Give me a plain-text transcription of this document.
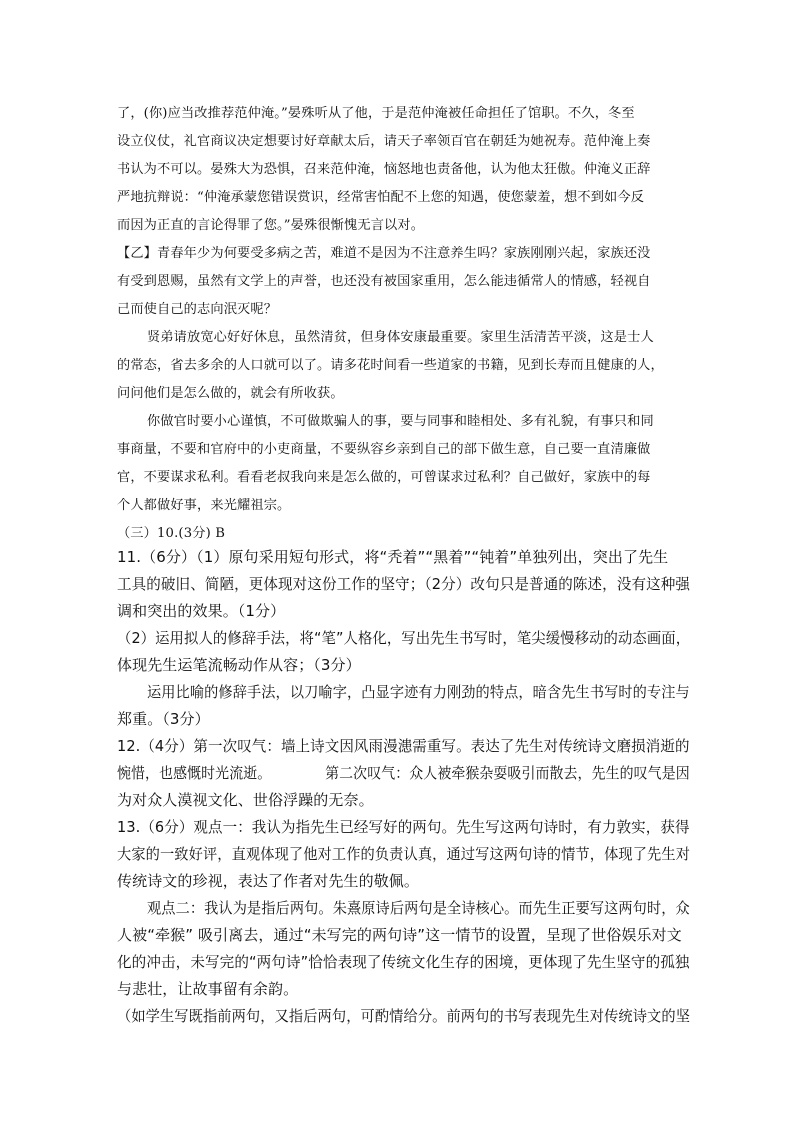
了，(你)应当改推荐范仲淹。”晏殊听从了他，于是范仲淹被任命担任了馆职。不久，冬至
设立仪仗，礼官商议决定想要讨好章献太后，请天子率领百官在朝廷为她祝寿。范仲淹上奏
书认为不可以。晏殊大为恐惧，召来范仲淹，恼怒地也责备他，认为他太狂傲。仲淹义正辞
严地抗辩说：“仲淹承蒙您错误赏识，经常害怕配不上您的知遇，使您蒙羞，想不到如今反
而因为正直的言论得罪了您。”晏殊很惭愧无言以对。
【乙】青春年少为何要受多病之苦，难道不是因为不注意养生吗？家族刚刚兴起，家族还没
有受到恩赐，虽然有文学上的声誉，也还没有被国家重用，怎么能违循常人的情感，轻视自
己而使自己的志向泯灭呢？
贤弟请放宽心好好休息，虽然清贫，但身体安康最重要。家里生活清苦平淡，这是士人
的常态，省去多余的人口就可以了。请多花时间看一些道家的书籍，见到长寿而且健康的人，
问问他们是怎么做的，就会有所收获。
你做官时要小心谨慎，不可做欺骗人的事，要与同事和睦相处、多有礼貌，有事只和同
事商量，不要和官府中的小吏商量，不要纵容乡亲到自己的部下做生意，自己要一直清廉做
官，不要谋求私利。看看老叔我向来是怎么做的，可曾谋求过私利？自己做好，家族中的每
个人都做好事，来光耀祖宗。
（三）10.(3分) B
11.（6分）（1）原句采用短句形式，将“秃着”“黑着”“钝着”单独列出，突出了先生
工具的破旧、简陋，更体现对这份工作的坚守；（2分）改句只是普通的陈述，没有这种强
调和突出的效果。（1分）
（2）运用拟人的修辞手法，将“笔”人格化，写出先生书写时，笔尖缓慢移动的动态画面，
体现先生运笔流畅动作从容；（3分）
运用比喻的修辞手法，以刀喻字，凸显字迹有力刚劲的特点，暗含先生书写时的专注与
郑重。（3分）
12.（4分）第一次叹气：墙上诗文因风雨漫漶需重写。表达了先生对传统诗文磨损消逝的
惋惜，也感慨时光流逝。	第二次叹气：众人被牵猴杂耍吸引而散去，先生的叹气是因
为对众人漠视文化、世俗浮躁的无奈。
13.（6分）观点一：我认为指先生已经写好的两句。先生写这两句诗时，有力敦实，获得
大家的一致好评，直观体现了他对工作的负责认真，通过写这两句诗的情节，体现了先生对
传统诗文的珍视，表达了作者对先生的敬佩。
观点二：我认为是指后两句。朱熹原诗后两句是全诗核心。而先生正要写这两句时，众
人被“牵猴” 吸引离去，通过“未写完的两句诗”这一情节的设置，呈现了世俗娱乐对文
化的冲击，未写完的“两句诗”恰恰表现了传统文化生存的困境，更体现了先生坚守的孤独
与悲壮，让故事留有余韵。
（如学生写既指前两句，又指后两句，可酌情给分。前两句的书写表现先生对传统诗文的坚
